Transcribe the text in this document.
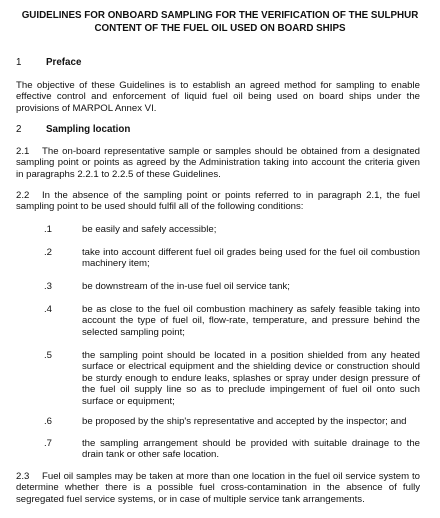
GUIDELINES FOR ONBOARD SAMPLING FOR THE VERIFICATION OF THE SULPHUR CONTENT OF THE FUEL OIL USED ON BOARD SHIPS
1	Preface
The objective of these Guidelines is to establish an agreed method for sampling to enable effective control and enforcement of liquid fuel oil being used on board ships under the provisions of MARPOL Annex VI.
2	Sampling location
2.1 The on-board representative sample or samples should be obtained from a designated sampling point or points as agreed by the Administration taking into account the criteria given in paragraphs 2.2.1 to 2.2.5 of these Guidelines.
2.2 In the absence of the sampling point or points referred to in paragraph 2.1, the fuel sampling point to be used should fulfil all of the following conditions:
.1	be easily and safely accessible;
.2	take into account different fuel oil grades being used for the fuel oil combustion machinery item;
.3	be downstream of the in-use fuel oil service tank;
.4	be as close to the fuel oil combustion machinery as safely feasible taking into account the type of fuel oil, flow-rate, temperature, and pressure behind the selected sampling point;
.5	the sampling point should be located in a position shielded from any heated surface or electrical equipment and the shielding device or construction should be sturdy enough to endure leaks, splashes or spray under design pressure of the fuel oil supply line so as to preclude impingement of fuel oil onto such surface or equipment;
.6	be proposed by the ship's representative and accepted by the inspector; and
.7	the sampling arrangement should be provided with suitable drainage to the drain tank or other safe location.
2.3 Fuel oil samples may be taken at more than one location in the fuel oil service system to determine whether there is a possible fuel cross-contamination in the absence of fully segregated fuel service systems, or in case of multiple service tank arrangements.
